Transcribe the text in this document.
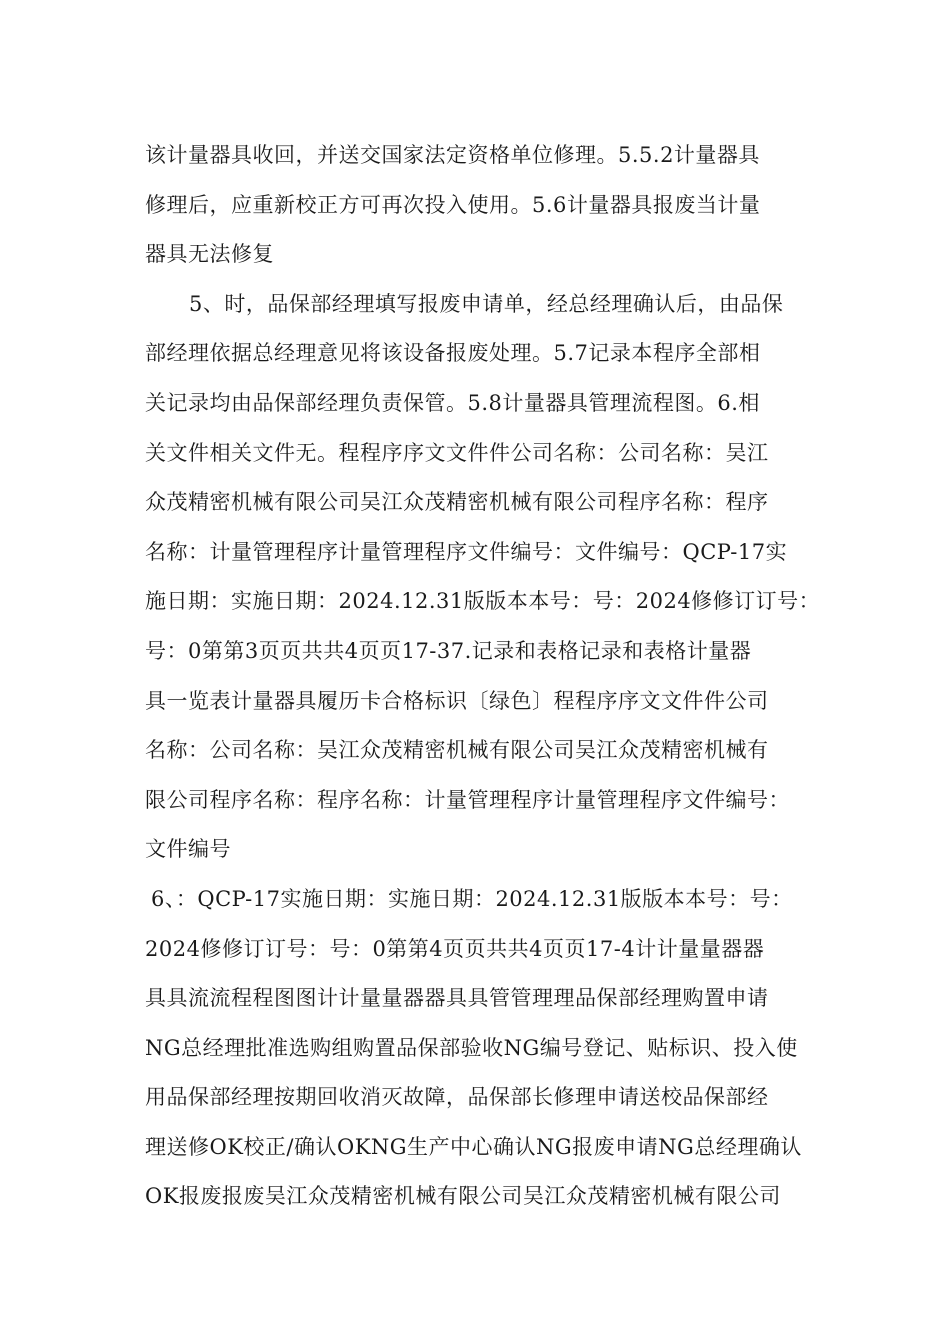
该计量器具收回，并送交国家法定资格单位修理。5.5.2计量器具
修理后，应重新校正方可再次投入使用。5.6计量器具报废当计量
器具无法修复
5、时，品保部经理填写报废申请单，经总经理确认后，由品保
部经理依据总经理意见将该设备报废处理。5.7记录本程序全部相
关记录均由品保部经理负责保管。5.8计量器具管理流程图。6.相
关文件相关文件无。程程序序文文件件公司名称：公司名称：吴江
众茂精密机械有限公司吴江众茂精密机械有限公司程序名称：程序
名称：计量管理程序计量管理程序文件编号：文件编号：QCP-17实
施日期：实施日期：2024.12.31版版本本号：号：2024修修订订号：
号：0第第3页页共共4页页17-37.记录和表格记录和表格计量器
具一览表计量器具履历卡合格标识〔绿色〕程程序序文文件件公司
名称：公司名称：吴江众茂精密机械有限公司吴江众茂精密机械有
限公司程序名称：程序名称：计量管理程序计量管理程序文件编号：
文件编号
6、：QCP-17实施日期：实施日期：2024.12.31版版本本号：号：
2024修修订订号：号：0第第4页页共共4页页17-4计计量量器器
具具流流程程图图计计量量器器具具管管理理品保部经理购置申请
NG总经理批准选购组购置品保部验收NG编号登记、贴标识、投入使
用品保部经理按期回收消灭故障，品保部长修理申请送校品保部经
理送修OK校正/确认OKNG生产中心确认NG报废申请NG总经理确认
OK报废报废吴江众茂精密机械有限公司吴江众茂精密机械有限公司
